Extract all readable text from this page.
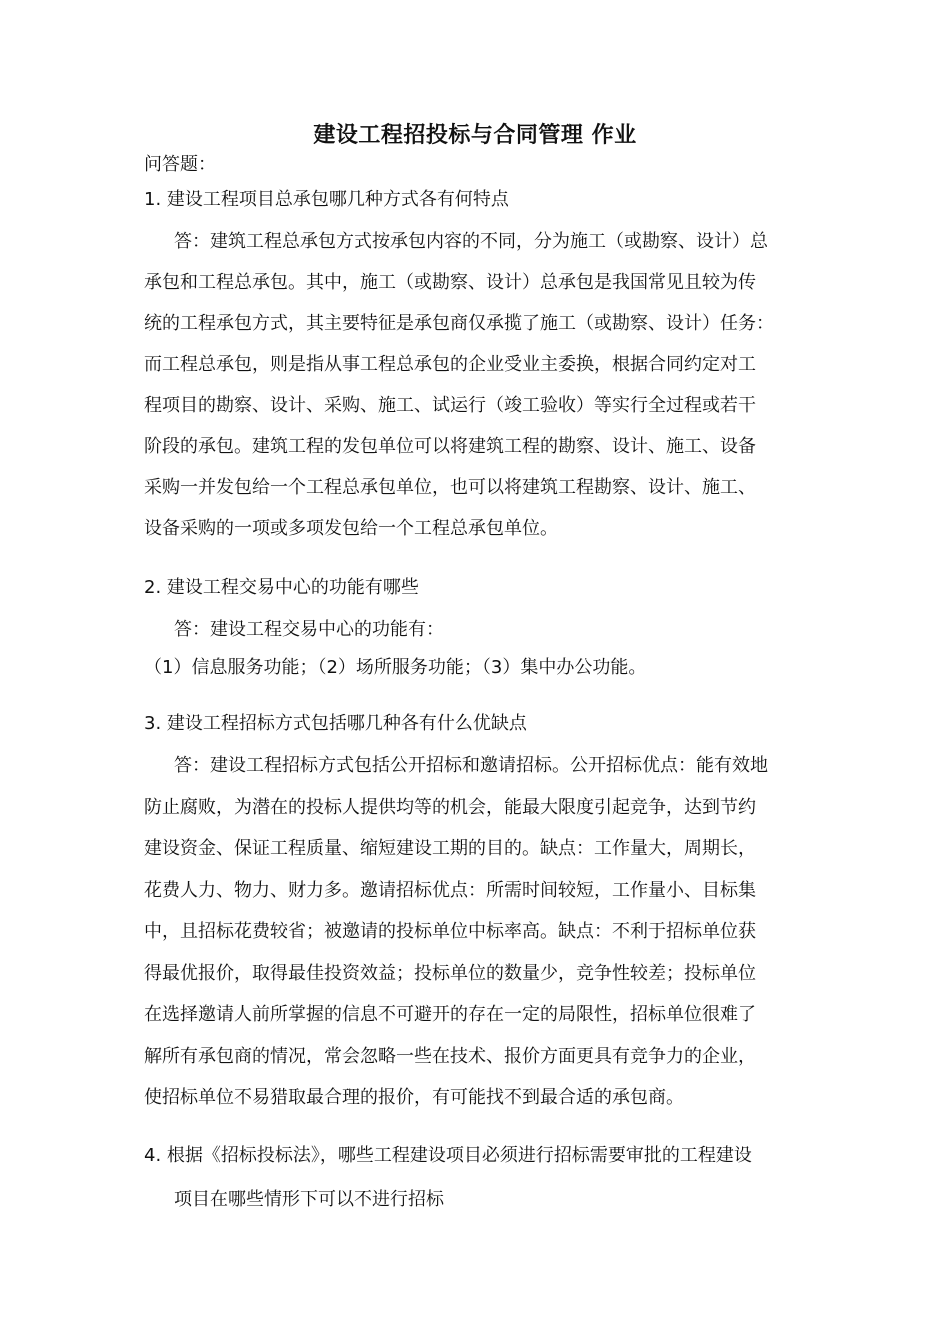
建设工程招投标与合同管理 作业
问答题：
1. 建设工程项目总承包哪几种方式各有何特点
答：建筑工程总承包方式按承包内容的不同，分为施工（或勘察、设计）总
承包和工程总承包。其中，施工（或勘察、设计）总承包是我国常见且较为传
统的工程承包方式，其主要特征是承包商仅承揽了施工（或勘察、设计）任务：
而工程总承包，则是指从事工程总承包的企业受业主委换，根据合同约定对工
程项目的勘察、设计、采购、施工、试运行（竣工验收）等实行全过程或若干
阶段的承包。建筑工程的发包单位可以将建筑工程的勘察、设计、施工、设备
采购一并发包给一个工程总承包单位，也可以将建筑工程勘察、设计、施工、
设备采购的一项或多项发包给一个工程总承包单位。
2. 建设工程交易中心的功能有哪些
答：建设工程交易中心的功能有：
（1）信息服务功能；（2）场所服务功能；（3）集中办公功能。
3. 建设工程招标方式包括哪几种各有什么优缺点
答：建设工程招标方式包括公开招标和邀请招标。公开招标优点：能有效地
防止腐败，为潜在的投标人提供均等的机会，能最大限度引起竞争，达到节约
建设资金、保证工程质量、缩短建设工期的目的。缺点：工作量大，周期长，
花费人力、物力、财力多。邀请招标优点：所需时间较短，工作量小、目标集
中，且招标花费较省；被邀请的投标单位中标率高。缺点：不利于招标单位获
得最优报价，取得最佳投资效益；投标单位的数量少，竞争性较差；投标单位
在选择邀请人前所掌握的信息不可避开的存在一定的局限性，招标单位很难了
解所有承包商的情况，常会忽略一些在技术、报价方面更具有竞争力的企业，
使招标单位不易猎取最合理的报价，有可能找不到最合适的承包商。
4. 根据《招标投标法》，哪些工程建设项目必须进行招标需要审批的工程建设
项目在哪些情形下可以不进行招标
